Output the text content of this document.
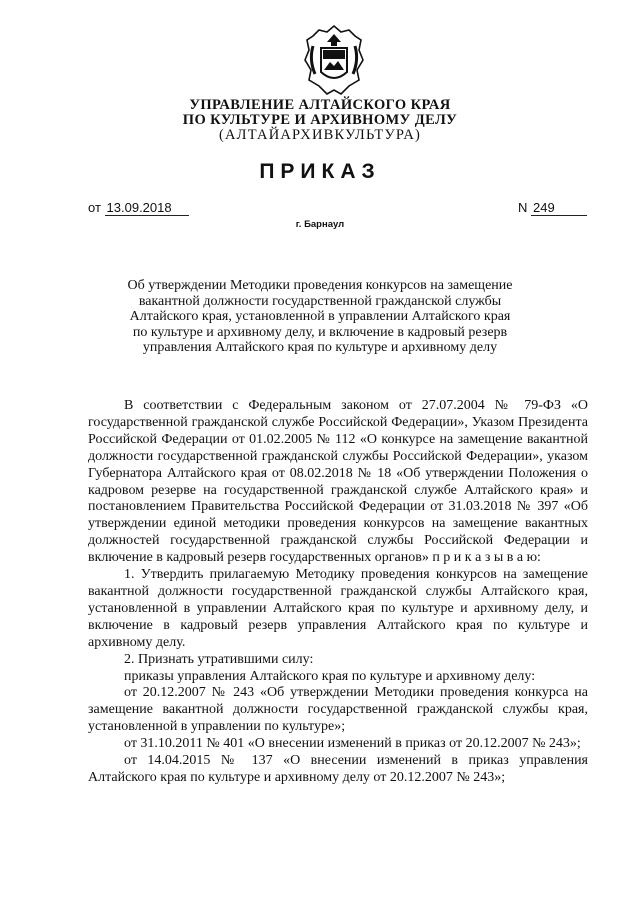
УПРАВЛЕНИЕ АЛТАЙСКОГО КРАЯ
ПО КУЛЬТУРЕ И АРХИВНОМУ ДЕЛУ
(АЛТАЙАРХИВКУЛЬТУРА)
ПРИКАЗ
от 13.09.2018	N 249
г. Барнаул
Об утверждении Методики проведения конкурсов на замещение
вакантной должности государственной гражданской службы
Алтайского края, установленной в управлении Алтайского края
по культуре и архивному делу, и включение в кадровый резерв
управления Алтайского края по культуре и архивному делу

В соответствии с Федеральным законом от 27.07.2004 № 79-ФЗ «О государственной гражданской службе Российской Федерации», Указом Президента Российской Федерации от 01.02.2005 № 112 «О конкурсе на замещение вакантной должности государственной гражданской службы Российской Федерации», указом Губернатора Алтайского края от 08.02.2018 № 18 «Об утверждении Положения о кадровом резерве на государственной гражданской службе Алтайского края» и постановлением Правительства Российской Федерации от 31.03.2018 № 397 «Об утверждении единой методики проведения конкурсов на замещение вакантных должностей государственной гражданской службы Российской Федерации и включение в кадровый резерв государственных органов» п р и к а з ы в а ю:

1. Утвердить прилагаемую Методику проведения конкурсов на замещение вакантной должности государственной гражданской службы Алтайского края, установленной в управлении Алтайского края по культуре и архивному делу, и включение в кадровый резерв управления Алтайского края по культуре и архивному делу.

2. Признать утратившими силу:

приказы управления Алтайского края по культуре и архивному делу:

от 20.12.2007 № 243 «Об утверждении Методики проведения конкурса на замещение вакантной должности государственной гражданской службы края, установленной в управлении по культуре»;

от 31.10.2011 № 401 «О внесении изменений в приказ от 20.12.2007 № 243»;

от 14.04.2015 № 137 «О внесении изменений в приказ управления Алтайского края по культуре и архивному делу от 20.12.2007 № 243»;
